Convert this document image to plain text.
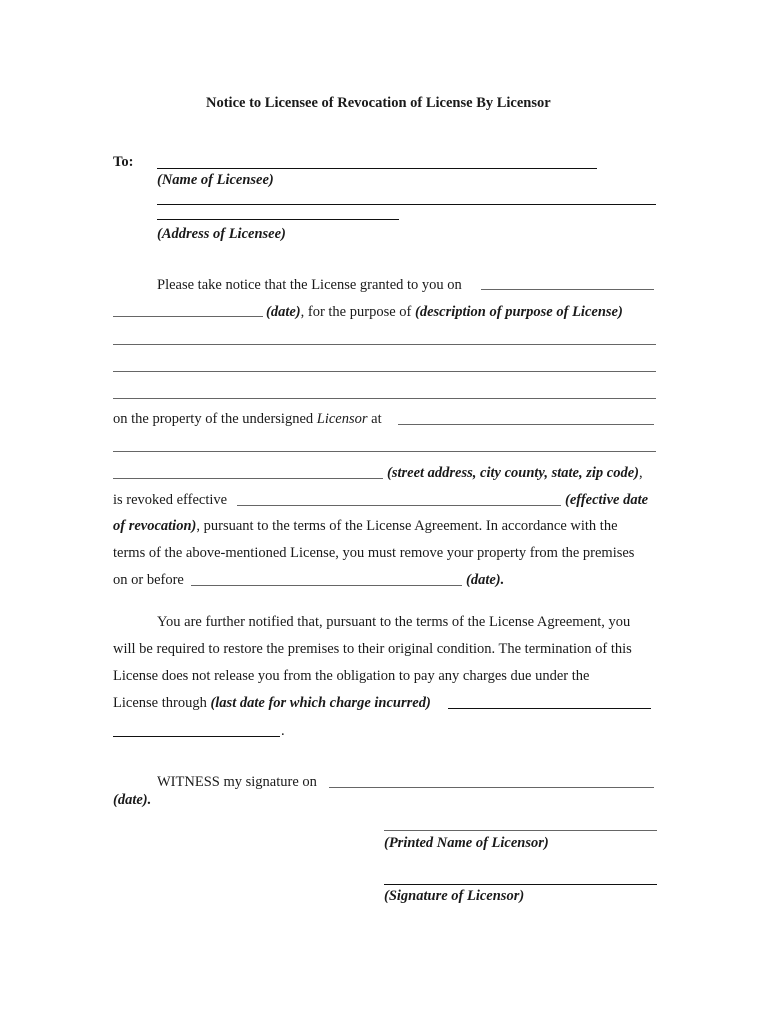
Notice to Licensee of Revocation of License By Licensor
To:
(Name of Licensee)
(Address of Licensee)
Please take notice that the License granted to you on
(date), for the purpose of (description of purpose of License)
on the property of the undersigned Licensor at
(street address, city county, state, zip code),
is revoked effective	(effective date
of revocation), pursuant to the terms of the License Agreement. In accordance with the
terms of the above-mentioned License, you must remove your property from the premises
on or before	(date).
You are further notified that, pursuant to the terms of the License Agreement, you
will be required to restore the premises to their original condition. The termination of this
License does not release you from the obligation to pay any charges due under the
License through (last date for which charge incurred)
.
WITNESS my signature on
(date).
(Printed Name of Licensor)
(Signature of Licensor)
